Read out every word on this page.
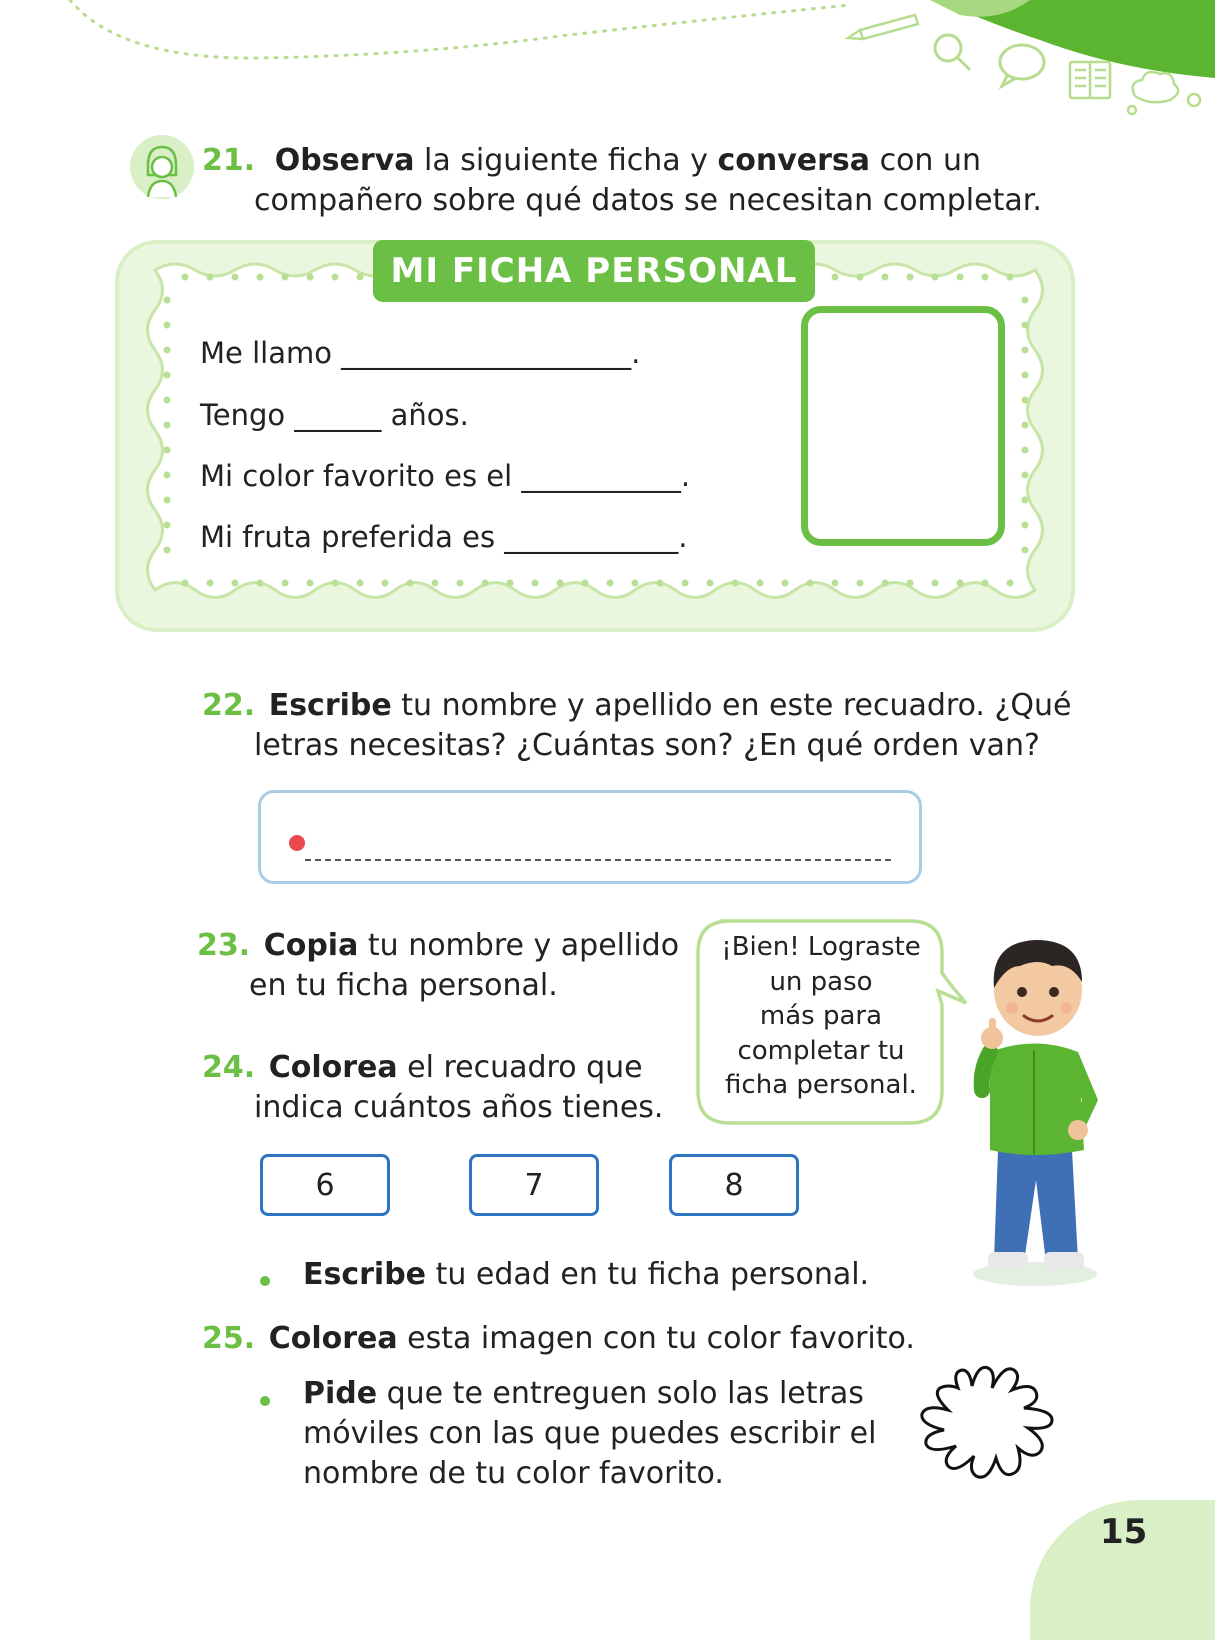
21. Observa la siguiente ficha y conversa con un
compañero sobre qué datos se necesitan completar.
MI FICHA PERSONAL
Me llamo ____________________.
Tengo ______ años.
Mi color favorito es el ___________.
Mi fruta preferida es ____________.
22. Escribe tu nombre y apellido en este recuadro. ¿Qué
letras necesitas? ¿Cuántas son? ¿En qué orden van?
23. Copia tu nombre y apellido
en tu ficha personal.
24. Colorea el recuadro que
indica cuántos años tienes.
6	7	8
¡Bien! Lograste
un paso
más para
completar tu
ficha personal.
Escribe tu edad en tu ficha personal.
25. Colorea esta imagen con tu color favorito.
Pide que te entreguen solo las letras
móviles con las que puedes escribir el
nombre de tu color favorito.
15
